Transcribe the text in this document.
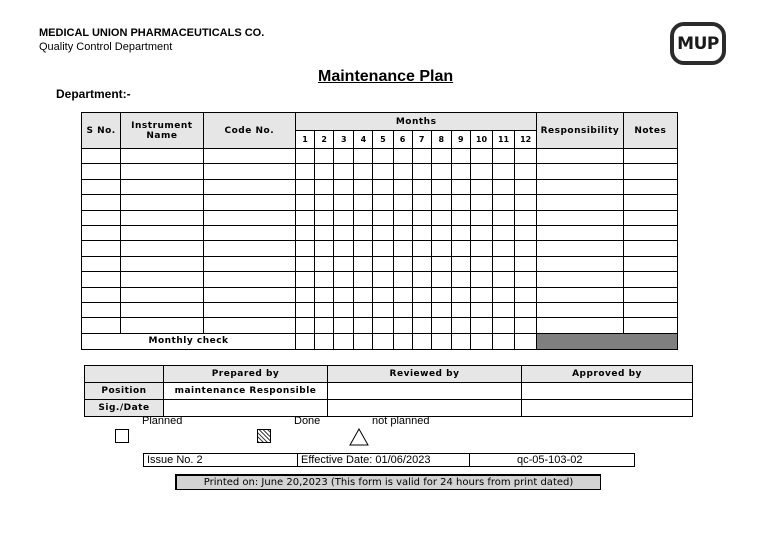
MEDICAL UNION PHARMACEUTICALS CO.
Quality Control Department	MUP
Maintenance Plan
Department:-
S No.	Instrument Name	Code No.	Months												Responsibility	Notes
			1	2	3	4	5	6	7	8	9	10	11	12		

Monthly check																
	Prepared by	Reviewed by	Approved by
Position	maintenance Responsible		
Sig./Date			
Planned	Done	not planned
Issue No. 2	Effective Date: 01/06/2023	qc-05-103-02
Printed on: June 20,2023 (This form is valid for 24 hours from print dated)
